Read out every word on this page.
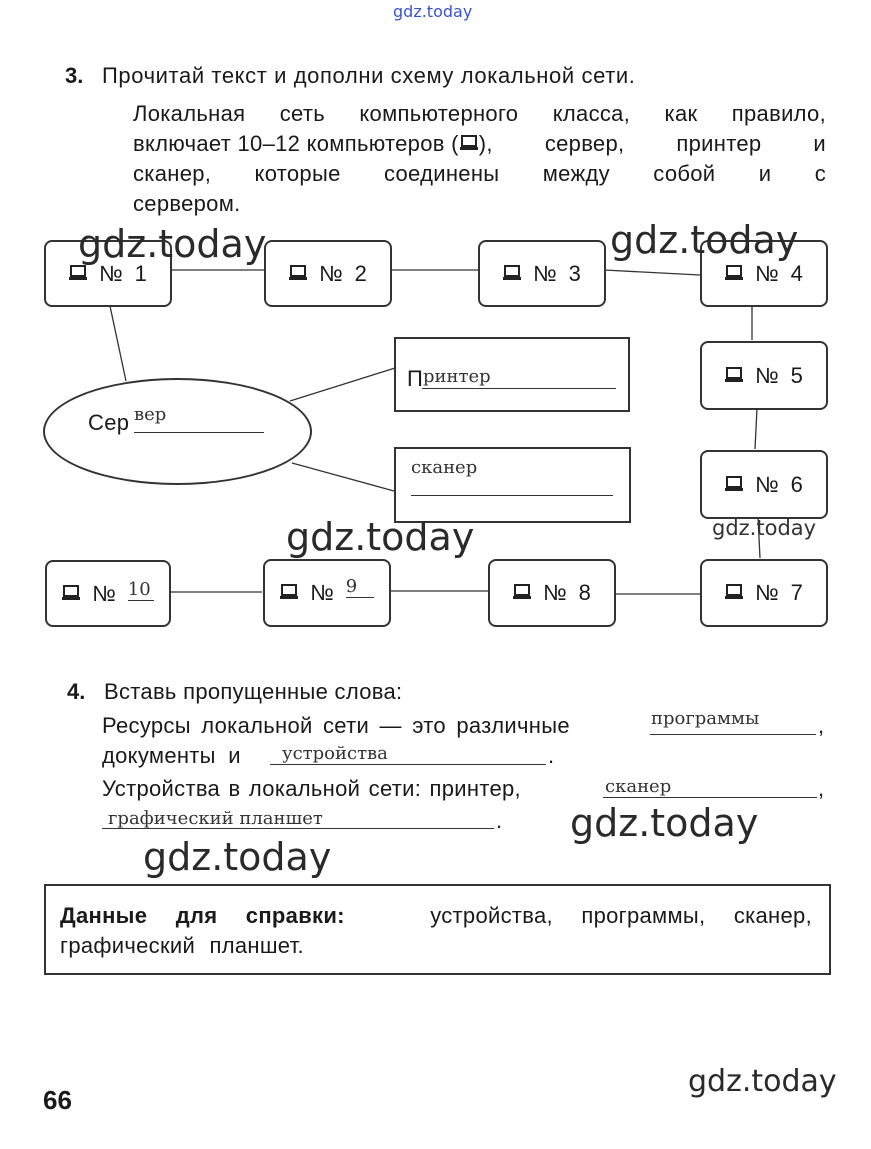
gdz.today
3. Прочитай текст и дополни схему локальной сети.
Локальная сеть компьютерного класса, как правило,
включает 10–12 компьютеров ( ), сервер, принтер и
сканер, которые соединены между собой и с
сервером.
№ 1	№ 2	№ 3	№ 4
№ 5
№ 6
№ 7
№ 8
№ 9
№ 10
Сер вер
П ринтер
сканер
gdz.today	gdz.today
gdz.today	gdz.today
4. Вставь пропущенные слова:
Ресурсы локальной сети — это различные	программы	,
документы и устройства	.
Устройства в локальной сети: принтер,	сканер	,
графический планшет	. gdz.today
gdz.today
Данные для справки:	устройства, программы, сканер,
графический планшет.
66
gdz.today
